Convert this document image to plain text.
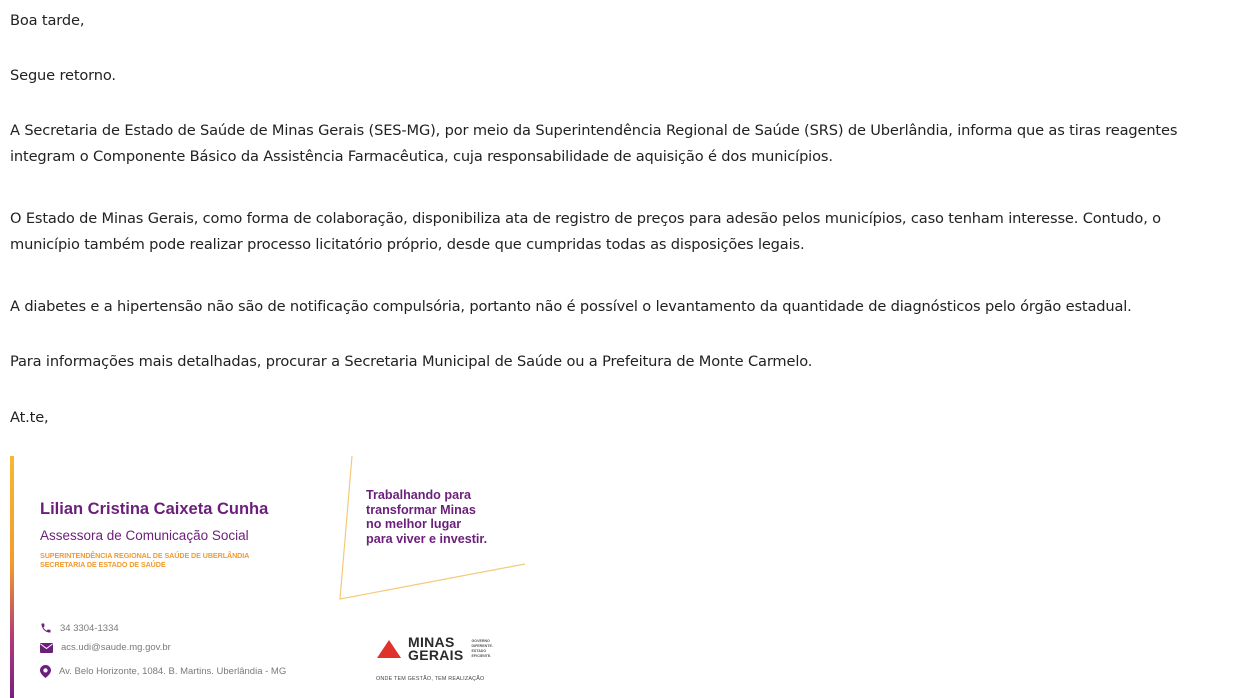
Boa tarde,

Segue retorno.

A Secretaria de Estado de Saúde de Minas Gerais (SES-MG), por meio da Superintendência Regional de Saúde (SRS) de Uberlândia, informa que as tiras reagentes integram o Componente Básico da Assistência Farmacêutica, cuja responsabilidade de aquisição é dos municípios.

O Estado de Minas Gerais, como forma de colaboração, disponibiliza ata de registro de preços para adesão pelos municípios, caso tenham interesse. Contudo, o município também pode realizar processo licitatório próprio, desde que cumpridas todas as disposições legais.

A diabetes e a hipertensão não são de notificação compulsória, portanto não é possível o levantamento da quantidade de diagnósticos pelo órgão estadual.

Para informações mais detalhadas, procurar a Secretaria Municipal de Saúde ou a Prefeitura de Monte Carmelo.

At.te,

Lilian Cristina Caixeta Cunha
Assessora de Comunicação Social
SUPERINTENDÊNCIA REGIONAL DE SAÚDE DE UBERLÂNDIA
SECRETARIA DE ESTADO DE SAÚDE
Trabalhando para
transformar Minas
no melhor lugar
para viver e investir.
34 3304-1334
acs.udi@saude.mg.gov.br
Av. Belo Horizonte, 1084. B. Martins. Uberlândia - MG
MINAS
GERAIS
GOVERNO
DIFERENTE.
ESTADO
EFICIENTE.
ONDE TEM GESTÃO, TEM REALIZAÇÃO
